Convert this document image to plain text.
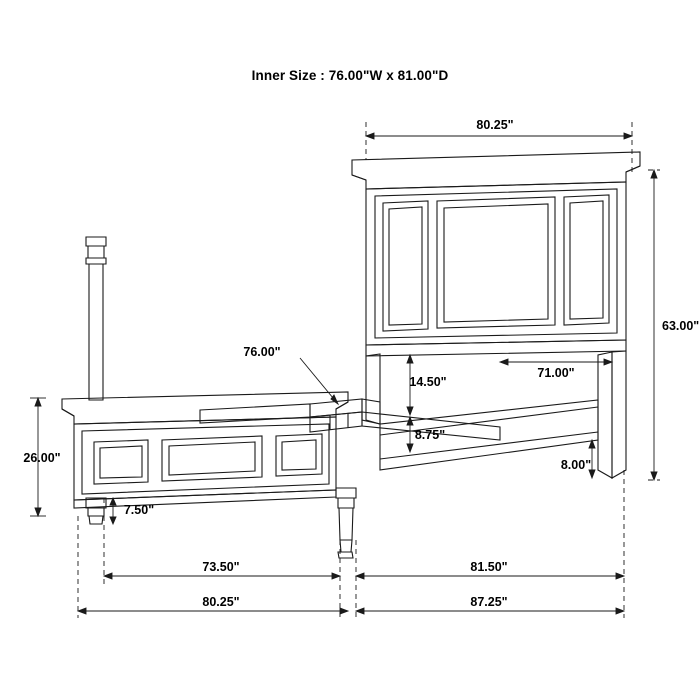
Inner Size : 76.00"W x 81.00"D
80.25"
63.00"
71.00"
14.50"
8.75"
8.00"
76.00"
26.00"
7.50"
73.50"	81.50"
80.25"	87.25"
